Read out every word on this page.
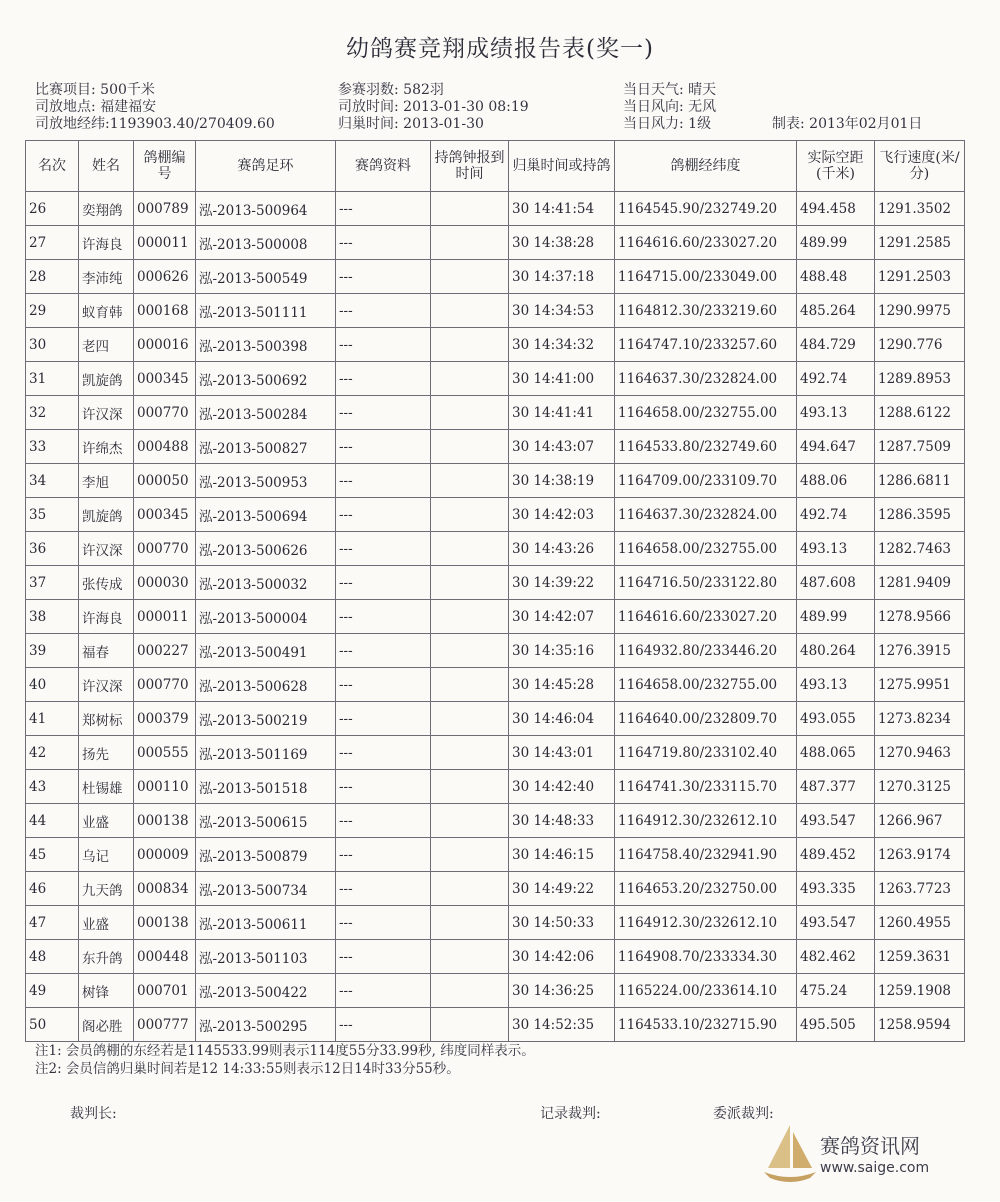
幼鸽赛竞翔成绩报告表(奖一)
比赛项目: 500千米
司放地点: 福建福安
司放地经纬:1193903.40/270409.60
参赛羽数: 582羽
司放时间: 2013-01-30 08:19
归巢时间: 2013-01-30
当日天气: 晴天
当日风向: 无风
当日风力: 1级	制表: 2013年02月01日
名次	姓名	鸽棚编号	赛鸽足环	赛鸽资料	持鸽钟报到时间	归巢时间或持鸽	鸽棚经纬度	实际空距(千米)	飞行速度(米/分)
26	奕翔鸽	000789	泓-2013-500964	---		30 14:41:54	1164545.90/232749.20	494.458	1291.3502
27	许海良	000011	泓-2013-500008	---		30 14:38:28	1164616.60/233027.20	489.99	1291.2585
28	李沛纯	000626	泓-2013-500549	---		30 14:37:18	1164715.00/233049.00	488.48	1291.2503
29	蚁育韩	000168	泓-2013-501111	---		30 14:34:53	1164812.30/233219.60	485.264	1290.9975
30	老四	000016	泓-2013-500398	---		30 14:34:32	1164747.10/233257.60	484.729	1290.776
31	凯旋鸽	000345	泓-2013-500692	---		30 14:41:00	1164637.30/232824.00	492.74	1289.8953
32	许汉深	000770	泓-2013-500284	---		30 14:41:41	1164658.00/232755.00	493.13	1288.6122
33	许绵杰	000488	泓-2013-500827	---		30 14:43:07	1164533.80/232749.60	494.647	1287.7509
34	李旭	000050	泓-2013-500953	---		30 14:38:19	1164709.00/233109.70	488.06	1286.6811
35	凯旋鸽	000345	泓-2013-500694	---		30 14:42:03	1164637.30/232824.00	492.74	1286.3595
36	许汉深	000770	泓-2013-500626	---		30 14:43:26	1164658.00/232755.00	493.13	1282.7463
37	张传成	000030	泓-2013-500032	---		30 14:39:22	1164716.50/233122.80	487.608	1281.9409
38	许海良	000011	泓-2013-500004	---		30 14:42:07	1164616.60/233027.20	489.99	1278.9566
39	福春	000227	泓-2013-500491	---		30 14:35:16	1164932.80/233446.20	480.264	1276.3915
40	许汉深	000770	泓-2013-500628	---		30 14:45:28	1164658.00/232755.00	493.13	1275.9951
41	郑树标	000379	泓-2013-500219	---		30 14:46:04	1164640.00/232809.70	493.055	1273.8234
42	扬先	000555	泓-2013-501169	---		30 14:43:01	1164719.80/233102.40	488.065	1270.9463
43	杜锡雄	000110	泓-2013-501518	---		30 14:42:40	1164741.30/233115.70	487.377	1270.3125
44	业盛	000138	泓-2013-500615	---		30 14:48:33	1164912.30/232612.10	493.547	1266.967
45	乌记	000009	泓-2013-500879	---		30 14:46:15	1164758.40/232941.90	489.452	1263.9174
46	九天鸽	000834	泓-2013-500734	---		30 14:49:22	1164653.20/232750.00	493.335	1263.7723
47	业盛	000138	泓-2013-500611	---		30 14:50:33	1164912.30/232612.10	493.547	1260.4955
48	东升鸽	000448	泓-2013-501103	---		30 14:42:06	1164908.70/233334.30	482.462	1259.3631
49	树锋	000701	泓-2013-500422	---		30 14:36:25	1165224.00/233614.10	475.24	1259.1908
50	阁必胜	000777	泓-2013-500295	---		30 14:52:35	1164533.10/232715.90	495.505	1258.9594
注1: 会员鸽棚的东经若是1145533.99则表示114度55分33.99秒, 纬度同样表示。
注2: 会员信鸽归巢时间若是12 14:33:55则表示12日14时33分55秒。
裁判长:	记录裁判:	委派裁判:
赛鸽资讯网
www.saige.com
